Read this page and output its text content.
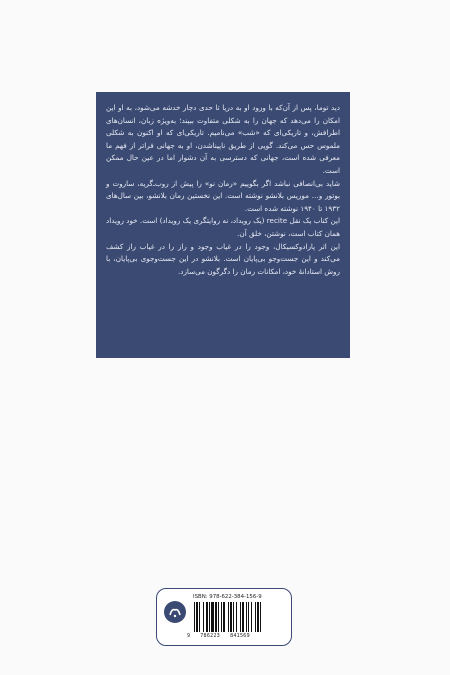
دید توما، پس از آن‌که با ورود او به دریا تا حدی دچار خدشه می‌شود، به او این امکان را می‌دهد که جهان را به شکلی متفاوت ببیند؛ به‌ویژه زبان، انسان‌های اطرافش، و تاریکی‌ای که «شب» می‌نامیم. تاریکی‌ای که او اکنون به شکلی ملموس حس می‌کند. گویی از طریق ناپیناشدن، او به جهانی فراتر از فهم ما معرفی شده است، جهانی که دسترسی به آن دشوار اما در عین حال ممکن است.

شاید بی‌انصافی نباشد اگر بگوییم «رمان نو» را پیش از روب‌ـ‌گریه، ساروت و بوتور و… موریس بلانشو نوشته است. این نخستین رمان بلانشو، بین سال‌های ۱۹۳۲ تا ۱۹۴۰ نوشته شده است.

این کتاب یک نقل recite (یک رویداد، نه روایتگری یک رویداد) است. خود رویداد همان کتاب است، نوشتن، خلق آن.

این اثر پارادوکسیکال، وجود را در غیاب وجود و راز را در غیاب راز کشف می‌کند و این جست‌وجو بی‌پایان است. بلانشو در این جست‌وجوی بی‌پایان، با روش استادانهٔ خود، امکانات رمان را دگرگون می‌سازد.

ISBN: 978-622-384-156-9
9 786223 841569
